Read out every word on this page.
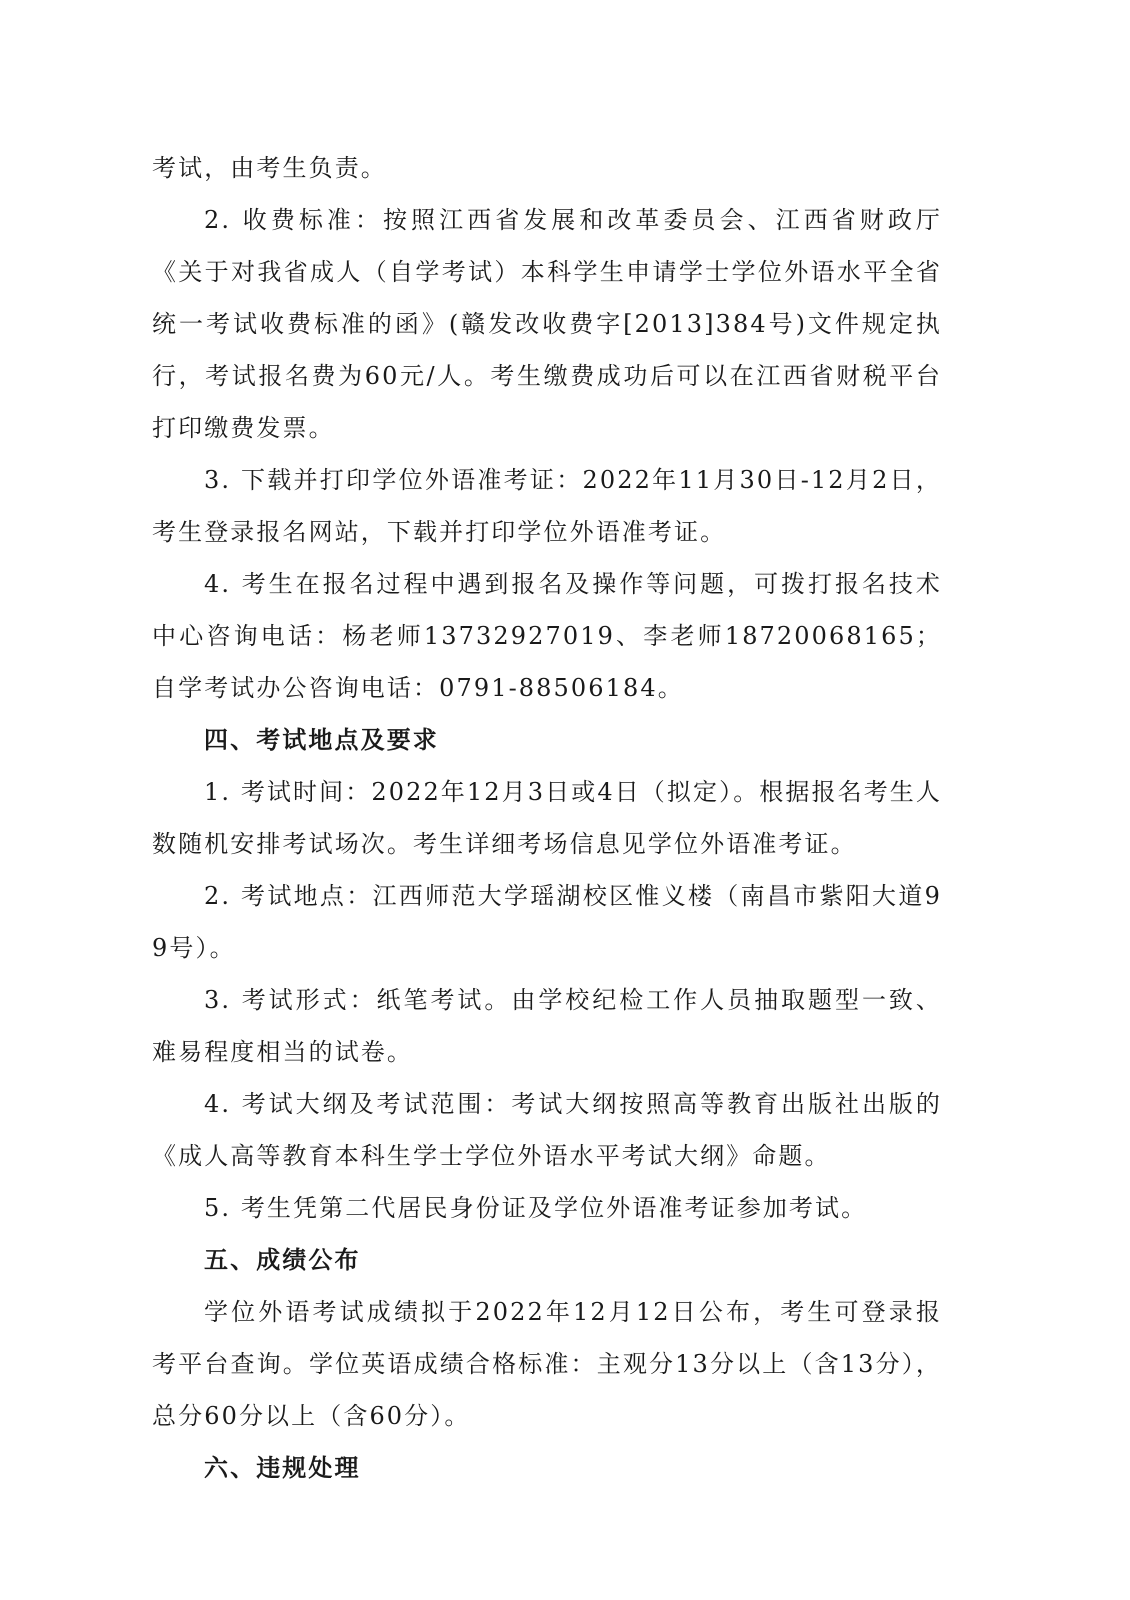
考试，由考生负责。

2. 收费标准：按照江西省发展和改革委员会、江西省财政厅《关于对我省成人（自学考试）本科学生申请学士学位外语水平全省统一考试收费标准的函》(赣发改收费字[2013]384号)文件规定执行，考试报名费为60元/人。考生缴费成功后可以在江西省财税平台打印缴费发票。

3. 下载并打印学位外语准考证：2022年11月30日-12月2日，考生登录报名网站，下载并打印学位外语准考证。

4. 考生在报名过程中遇到报名及操作等问题，可拨打报名技术中心咨询电话：杨老师13732927019、李老师18720068165；自学考试办公咨询电话：0791-88506184。

四、考试地点及要求

1. 考试时间：2022年12月3日或4日（拟定）。根据报名考生人数随机安排考试场次。考生详细考场信息见学位外语准考证。

2. 考试地点：江西师范大学瑶湖校区惟义楼（南昌市紫阳大道99号）。

3. 考试形式：纸笔考试。由学校纪检工作人员抽取题型一致、难易程度相当的试卷。

4. 考试大纲及考试范围：考试大纲按照高等教育出版社出版的《成人高等教育本科生学士学位外语水平考试大纲》命题。

5. 考生凭第二代居民身份证及学位外语准考证参加考试。

五、成绩公布

学位外语考试成绩拟于2022年12月12日公布，考生可登录报考平台查询。学位英语成绩合格标准：主观分13分以上（含13分），总分60分以上（含60分）。

六、违规处理
